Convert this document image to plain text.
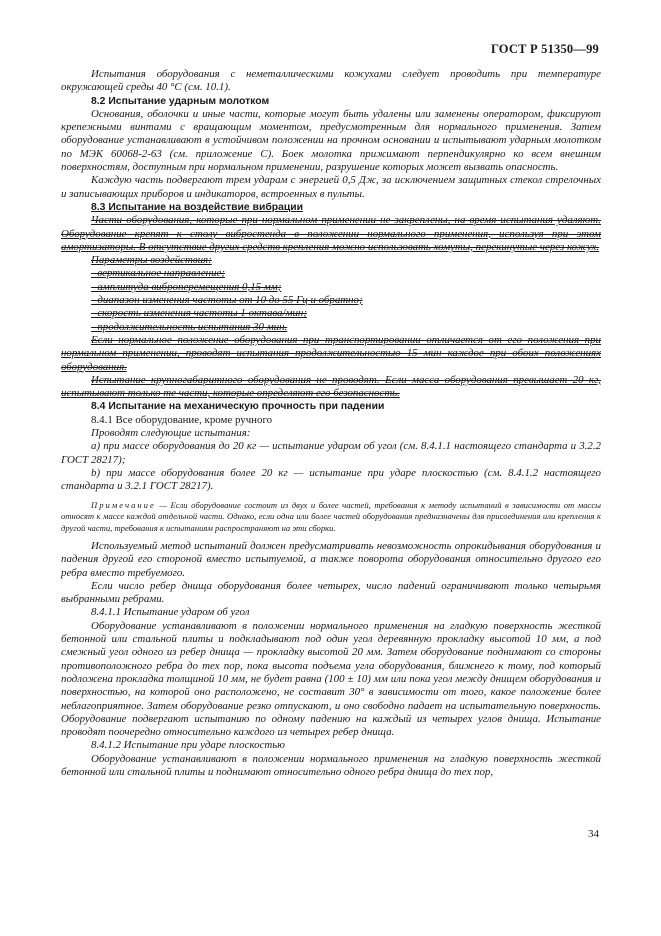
ГОСТ Р 51350—99

Испытания оборудования с неметаллическими кожухами следует проводить при температуре окружающей среды 40 °С (см. 10.1).

8.2 Испытание ударным молотком

Основания, оболочки и иные части, которые могут быть удалены или заменены оператором, фиксируют крепежными винтами с вращающим моментом, предусмотренным для нормального применения. Затем оборудование устанавливают в устойчивом положении на прочном основании и испытывают ударным молотком по МЭК 60068-2-63 (см. приложение С). Боек молотка прижимают перпендикулярно ко всем внешним поверхностям, доступным при нормальном применении, разрушение которых может вызвать опасность.

Каждую часть подвергают трем ударам с энергией 0,5 Дж, за исключением защитных стекол стрелочных и записывающих приборов и индикаторов, встроенных в пульты.

8.3 Испытание на воздействие вибрации

Части оборудования, которые при нормальном применении не закреплены, на время испытания удаляют. Оборудование крепят к столу вибростенда в положении нормального применения, используя при этом амортизаторы. В отсутствие других средств крепления можно использовать хомуты, перекинутые через кожух.

Параметры воздействия:

- вертикальное направление;

- амплитуда виброперемещения 0,15 мм;

- диапазон изменения частоты от 10 до 55 Гц и обратно;

- скорость изменения частоты 1 октава/мин;

- продолжительность испытания 30 мин.

Если нормальное положение оборудования при транспортировании отличается от его положения при нормальном применении, проводят испытания продолжительностью 15 мин каждое при обоих положениях оборудования.

Испытание крупногабаритного оборудования не проводят. Если масса оборудования превышает 20 кг, испытывают только те части, которые определяют его безопасность.

8.4 Испытание на механическую прочность при падении

8.4.1 Все оборудование, кроме ручного

Проводят следующие испытания:

а) при массе оборудования до 20 кг — испытание ударом об угол (см. 8.4.1.1 настоящего стандарта и 3.2.2 ГОСТ 28217);

b) при массе оборудования более 20 кг — испытание при ударе плоскостью (см. 8.4.1.2 настоящего стандарта и 3.2.1 ГОСТ 28217).

Примечание — Если оборудование состоит из двух и более частей, требования к методу испытаний в зависимости от массы относят к массе каждой отдельной части. Однако, если одна или более частей оборудования предназначены для присоединения или крепления к другой части, требования к испытаниям распространяют на эти сборки.

Используемый метод испытаний должен предусматривать невозможность опрокидывания оборудования и падения другой его стороной вместо испытуемой, а также поворота оборудования относительно другого его ребра вместо требуемого.

Если число ребер днища оборудования более четырех, число падений ограничивают только четырьмя выбранными ребрами.

8.4.1.1 Испытание ударом об угол

Оборудование устанавливают в положении нормального применения на гладкую поверхность жесткой бетонной или стальной плиты и подкладывают под один угол деревянную прокладку высотой 10 мм, а под смежный угол одного из ребер днища — прокладку высотой 20 мм. Затем оборудование поднимают со стороны противоположного ребра до тех пор, пока высота подъема угла оборудования, ближнего к тому, под который подложена прокладка толщиной 10 мм, не будет равна (100 ± 10) мм или пока угол между днищем оборудования и поверхностью, на которой оно расположено, не составит 30° в зависимости от того, какое положение более неблагоприятное. Затем оборудование резко отпускают, и оно свободно падает на испытательную поверхность. Оборудование подвергают испытанию по одному падению на каждый из четырех углов днища. Испытание проводят поочередно относительно каждого из четырех ребер днища.

8.4.1.2 Испытание при ударе плоскостью

Оборудование устанавливают в положении нормального применения на гладкую поверхность жесткой бетонной или стальной плиты и поднимают относительно одного ребра днища до тех пор,

34
